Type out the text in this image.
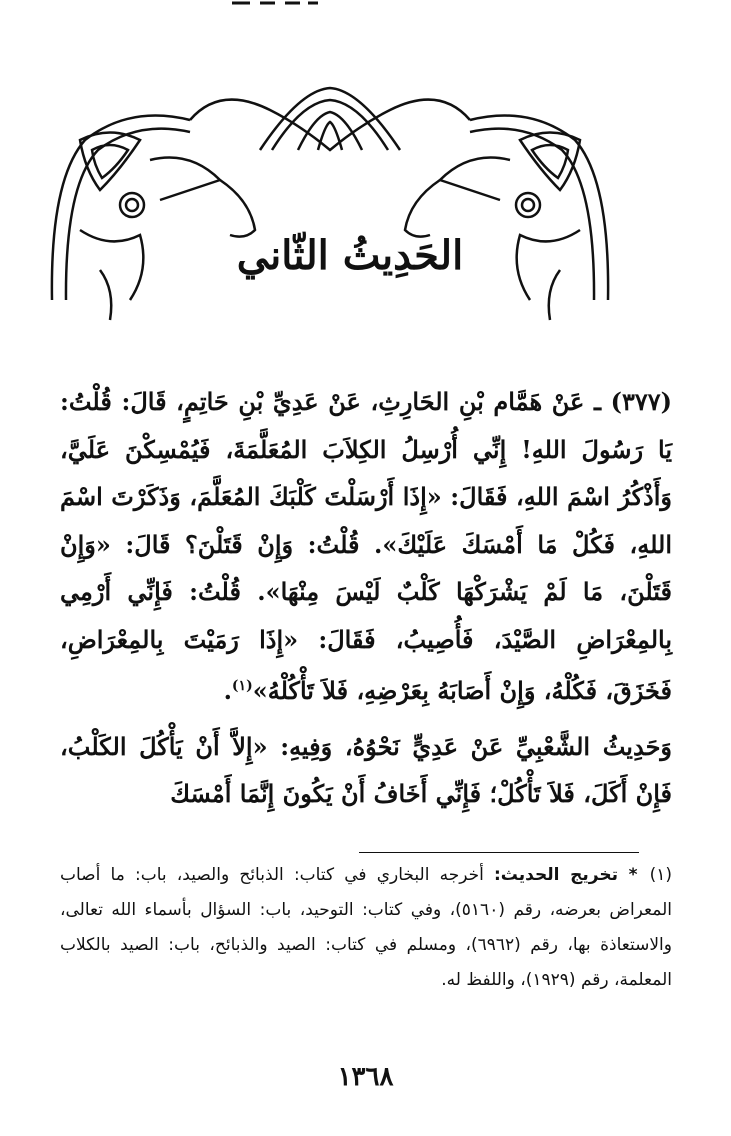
الحَدِيثُ الثّاني

(٣٧٧) ـ عَنْ هَمَّام بْنِ الحَارِثِ، عَنْ عَدِيِّ بْنِ حَاتِمٍ، قَالَ: قُلْتُ: يَا رَسُولَ اللهِ! إِنِّي أُرْسِلُ الكِلاَبَ المُعَلَّمَةَ، فَيُمْسِكْنَ عَلَيَّ، وَأَذْكُرُ اسْمَ اللهِ، فَقَالَ: «إِذَا أَرْسَلْتَ كَلْبَكَ المُعَلَّمَ، وَذَكَرْتَ اسْمَ اللهِ، فَكُلْ مَا أَمْسَكَ عَلَيْكَ». قُلْتُ: وَإِنْ قَتَلْنَ؟ قَالَ: «وَإِنْ قَتَلْنَ، مَا لَمْ يَشْرَكْهَا كَلْبٌ لَيْسَ مِنْهَا». قُلْتُ: فَإِنِّي أَرْمِي بِالمِعْرَاضِ الصَّيْدَ، فَأُصِيبُ، فَقَالَ: «إِذَا رَمَيْتَ بِالمِعْرَاضِ، فَخَزَقَ، فَكُلْهُ، وَإِنْ أَصَابَهُ بِعَرْضِهِ، فَلاَ تَأْكُلْهُ»$^{(١)}$.

وَحَدِيثُ الشَّعْبِيِّ عَنْ عَدِيٍّ نَحْوُهُ، وَفِيهِ: «إِلاَّ أَنْ يَأْكُلَ الكَلْبُ، فَإِنْ أَكَلَ، فَلاَ تَأْكُلْ؛ فَإِنِّي أَخَافُ أَنْ يَكُونَ إِنَّمَا أَمْسَكَ

(١)* تخريج الحديث: أخرجه البخاري في كتاب: الذبائح والصيد، باب: ما أصاب المعراض بعرضه، رقم (٥١٦٠)، وفي كتاب: التوحيد، باب: السؤال بأسماء الله تعالى، والاستعاذة بها، رقم (٦٩٦٢)، ومسلم في كتاب: الصيد والذبائح، باب: الصيد بالكلاب المعلمة، رقم (١٩٢٩)، واللفظ له.
١٣٦٨
